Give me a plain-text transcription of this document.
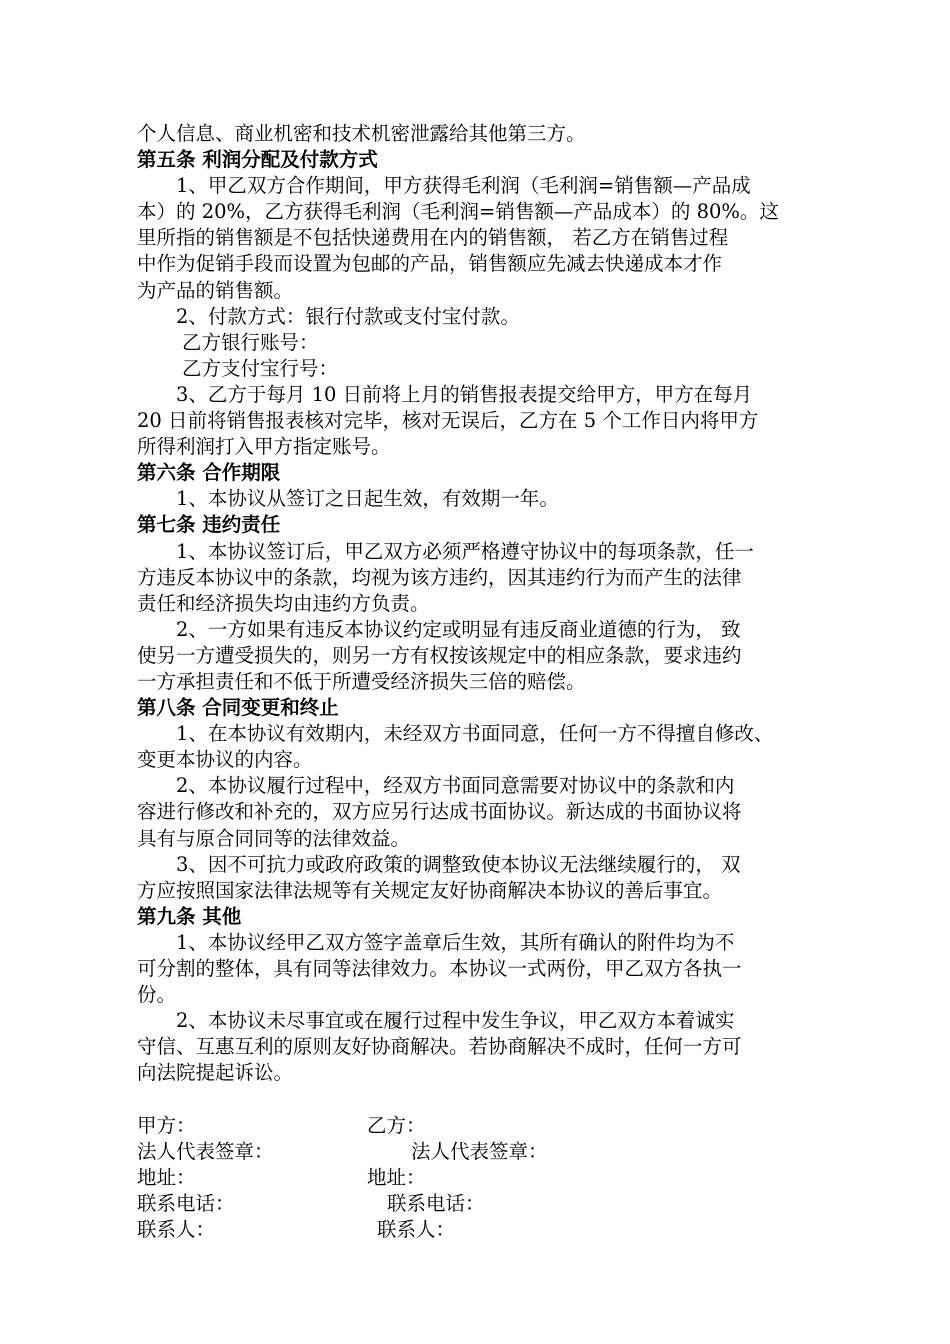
个人信息、商业机密和技术机密泄露给其他第三方。
第五条 利润分配及付款方式
1、甲乙双方合作期间，甲方获得毛利润（毛利润=销售额—产品成
本）的 20%，乙方获得毛利润（毛利润=销售额—产品成本）的 80%。这
里所指的销售额是不包括快递费用在内的销售额， 若乙方在销售过程
中作为促销手段而设置为包邮的产品，销售额应先减去快递成本才作
为产品的销售额。
2、付款方式：银行付款或支付宝付款。
乙方银行账号：
乙方支付宝行号：
3、乙方于每月 10 日前将上月的销售报表提交给甲方，甲方在每月
20 日前将销售报表核对完毕，核对无误后，乙方在 5 个工作日内将甲方
所得利润打入甲方指定账号。
第六条 合作期限
1、本协议从签订之日起生效，有效期一年。
第七条 违约责任
1、本协议签订后，甲乙双方必须严格遵守协议中的每项条款，任一
方违反本协议中的条款，均视为该方违约，因其违约行为而产生的法律
责任和经济损失均由违约方负责。
2、一方如果有违反本协议约定或明显有违反商业道德的行为， 致
使另一方遭受损失的，则另一方有权按该规定中的相应条款，要求违约
一方承担责任和不低于所遭受经济损失三倍的赔偿。
第八条 合同变更和终止
1、在本协议有效期内，未经双方书面同意，任何一方不得擅自修改、
变更本协议的内容。
2、本协议履行过程中，经双方书面同意需要对协议中的条款和内
容进行修改和补充的，双方应另行达成书面协议。新达成的书面协议将
具有与原合同同等的法律效益。
3、因不可抗力或政府政策的调整致使本协议无法继续履行的， 双
方应按照国家法律法规等有关规定友好协商解决本协议的善后事宜。
第九条 其他
1、本协议经甲乙双方签字盖章后生效，其所有确认的附件均为不
可分割的整体，具有同等法律效力。本协议一式两份，甲乙双方各执一
份。
2、本协议未尽事宜或在履行过程中发生争议，甲乙双方本着诚实
守信、互惠互利的原则友好协商解决。若协商解决不成时，任何一方可
向法院提起诉讼。
甲方：	乙方：
法人代表签章：	法人代表签章：
地址：	地址：
联系电话：	联系电话：
联系人：	联系人：
